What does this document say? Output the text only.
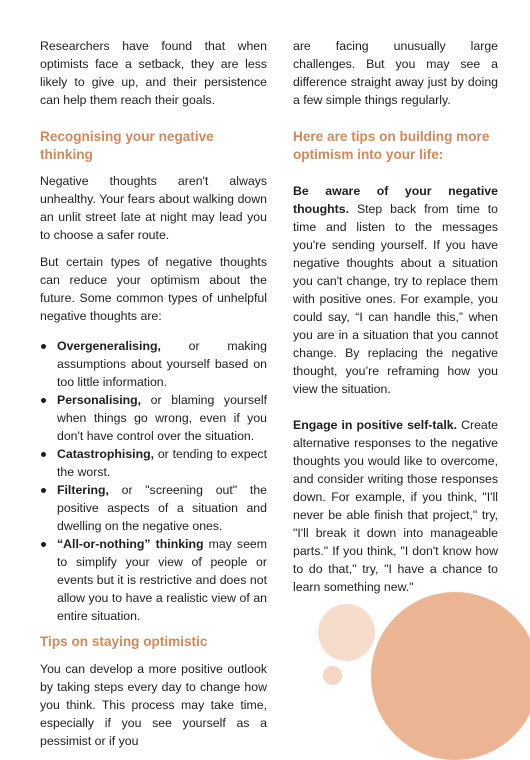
Researchers have found that when optimists face a setback, they are less likely to give up, and their persistence can help them reach their goals.

Recognising your negative thinking

Negative thoughts aren't always unhealthy. Your fears about walking down an unlit street late at night may lead you to choose a safer route.

But certain types of negative thoughts can reduce your optimism about the future. Some common types of unhelpful negative thoughts are:

Overgeneralising, or making assumptions about yourself based on too little information.
Personalising, or blaming yourself when things go wrong, even if you don't have control over the situation.
Catastrophising, or tending to expect the worst.
Filtering, or "screening out" the positive aspects of a situation and dwelling on the negative ones.
“All-or-nothing” thinking may seem to simplify your view of people or events but it is restrictive and does not allow you to have a realistic view of an entire situation.
Tips on staying optimistic

You can develop a more positive outlook by taking steps every day to change how you think. This process may take time, especially if you see yourself as a pessimist or if you

are facing unusually large challenges. But you may see a difference straight away just by doing a few simple things regularly.

Here are tips on building more optimism into your life:

Be aware of your negative thoughts. Step back from time to time and listen to the messages you're sending yourself. If you have negative thoughts about a situation you can't change, try to replace them with positive ones. For example, you could say, “I can handle this,” when you are in a situation that you cannot change. By replacing the negative thought, you’re reframing how you view the situation.

Engage in positive self-talk. Create alternative responses to the negative thoughts you would like to overcome, and consider writing those responses down. For example, if you think, "I'll never be able finish that project," try, "I'll break it down into manageable parts." If you think, "I don't know how to do that," try, "I have a chance to learn something new."
